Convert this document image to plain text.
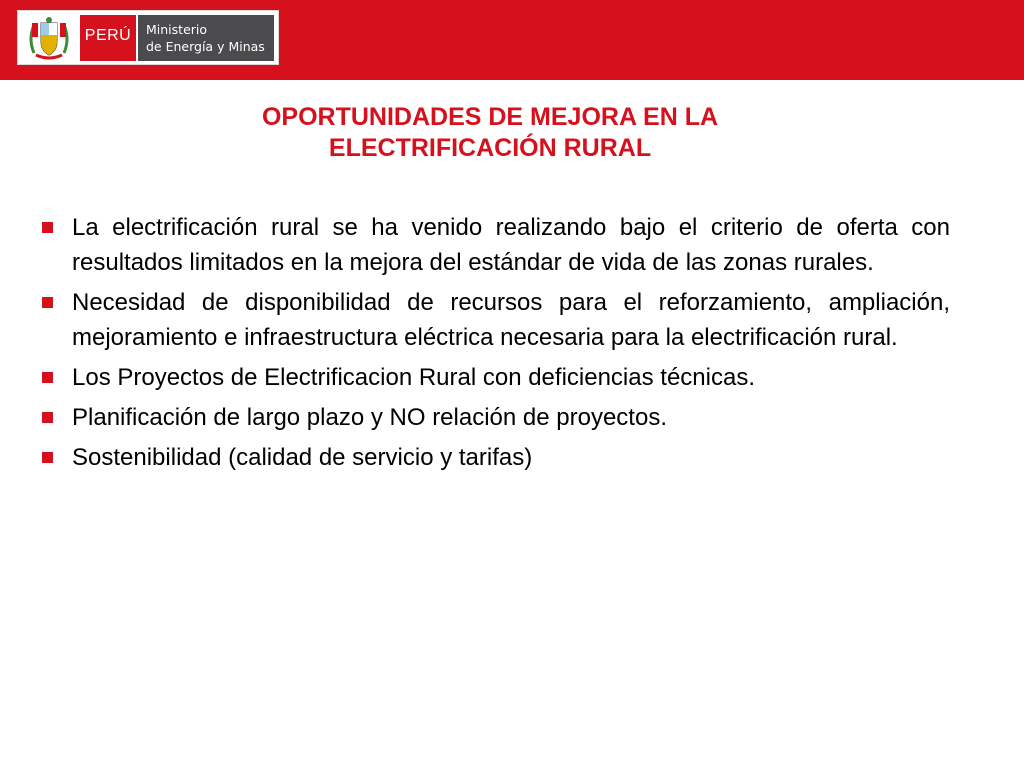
PERÚ	Ministerio
de Energía y Minas
OPORTUNIDADES DE MEJORA EN LA
ELECTRIFICACIÓN RURAL
La electrificación rural se ha venido realizando bajo el criterio de oferta con resultados limitados en la mejora del estándar de vida de las zonas rurales.
Necesidad de disponibilidad de recursos para el reforzamiento, ampliación, mejoramiento e infraestructura eléctrica necesaria para la electrificación rural.
Los Proyectos de Electrificacion Rural con deficiencias técnicas.
Planificación de largo plazo y NO relación de proyectos.
Sostenibilidad (calidad de servicio y tarifas)
